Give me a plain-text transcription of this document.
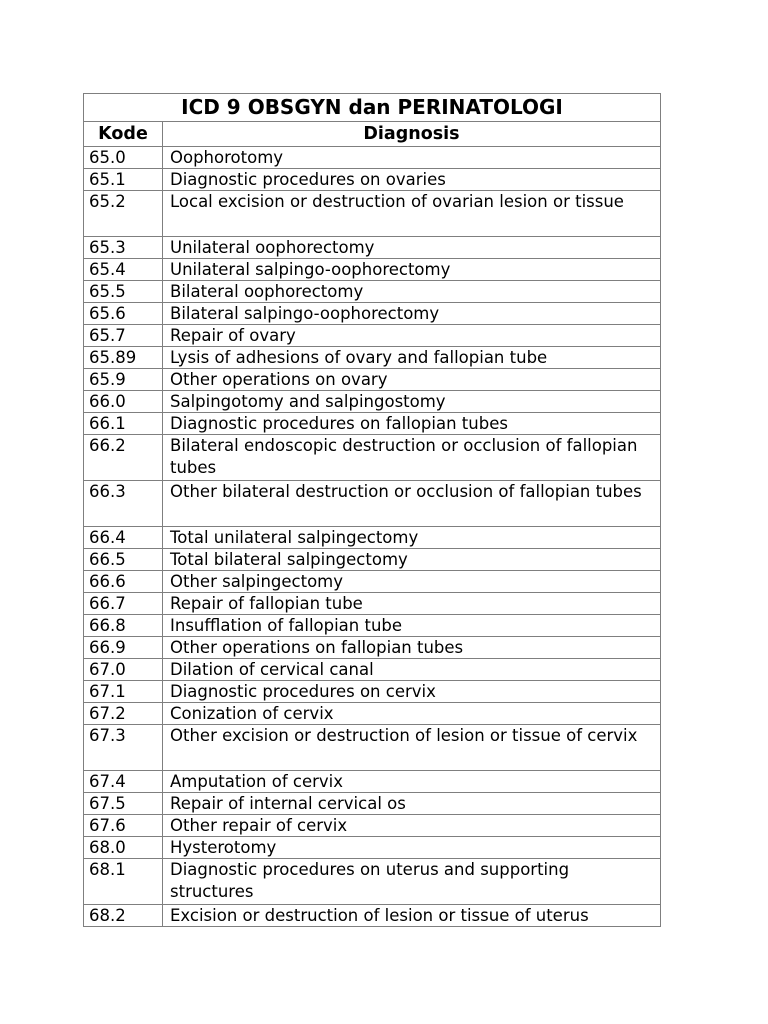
ICD 9 OBSGYN dan PERINATOLOGI	
Kode	Diagnosis
65.0	Oophorotomy
65.1	Diagnostic procedures on ovaries
65.2	Local excision or destruction of ovarian lesion or tissue
65.3	Unilateral oophorectomy
65.4	Unilateral salpingo-oophorectomy
65.5	Bilateral oophorectomy
65.6	Bilateral salpingo-oophorectomy
65.7	Repair of ovary
65.89	Lysis of adhesions of ovary and fallopian tube
65.9	Other operations on ovary
66.0	Salpingotomy and salpingostomy
66.1	Diagnostic procedures on fallopian tubes
66.2	Bilateral endoscopic destruction or occlusion of fallopian tubes
66.3	Other bilateral destruction or occlusion of fallopian tubes
66.4	Total unilateral salpingectomy
66.5	Total bilateral salpingectomy
66.6	Other salpingectomy
66.7	Repair of fallopian tube
66.8	Insufflation of fallopian tube
66.9	Other operations on fallopian tubes
67.0	Dilation of cervical canal
67.1	Diagnostic procedures on cervix
67.2	Conization of cervix
67.3	Other excision or destruction of lesion or tissue of cervix
67.4	Amputation of cervix
67.5	Repair of internal cervical os
67.6	Other repair of cervix
68.0	Hysterotomy
68.1	Diagnostic procedures on uterus and supporting structures
68.2	Excision or destruction of lesion or tissue of uterus
